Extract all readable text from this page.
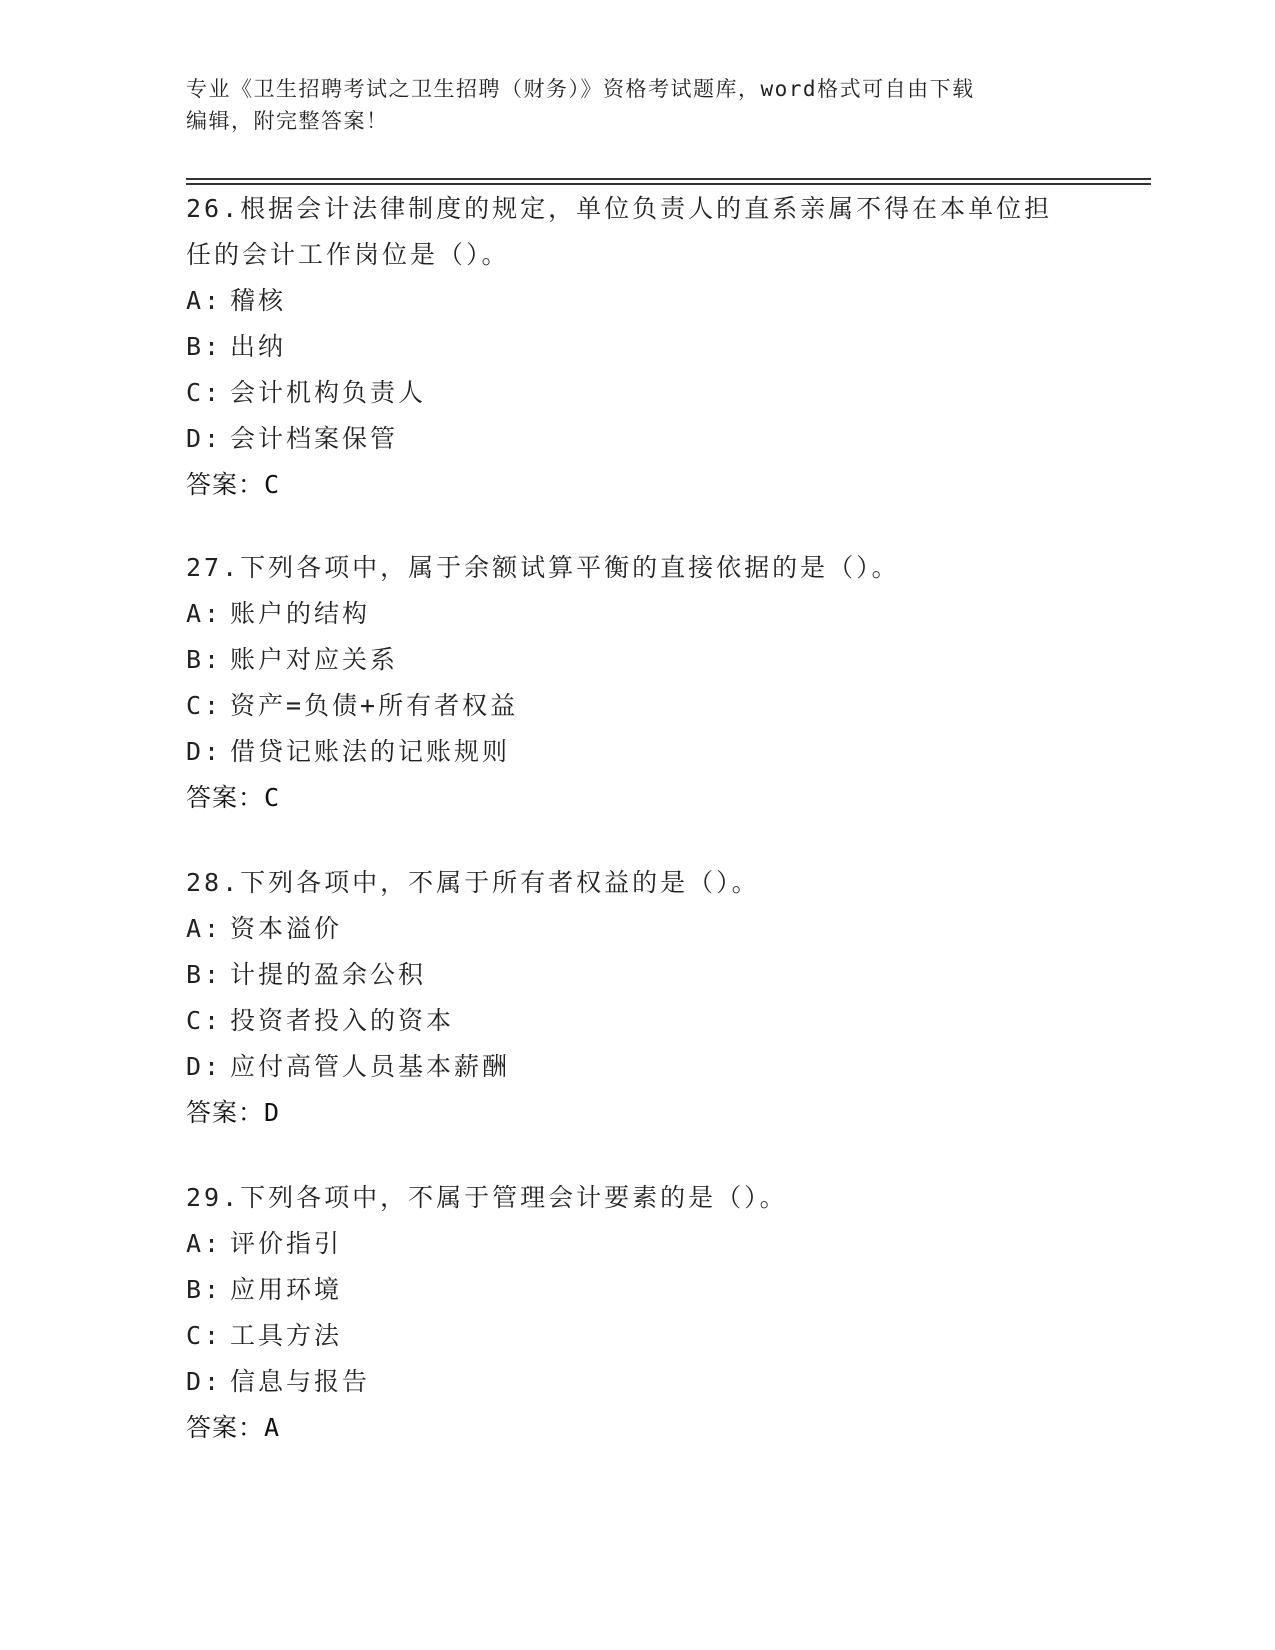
专业《卫生招聘考试之卫生招聘（财务）》资格考试题库，word格式可自由下载
编辑，附完整答案！
26.根据会计法律制度的规定，单位负责人的直系亲属不得在本单位担
任的会计工作岗位是（）。
A: 稽核
B: 出纳
C: 会计机构负责人
D: 会计档案保管
答案：C
27.下列各项中，属于余额试算平衡的直接依据的是（）。
A: 账户的结构
B: 账户对应关系
C: 资产=负债+所有者权益
D: 借贷记账法的记账规则
答案：C
28.下列各项中，不属于所有者权益的是（）。
A: 资本溢价
B: 计提的盈余公积
C: 投资者投入的资本
D: 应付高管人员基本薪酬
答案：D
29.下列各项中，不属于管理会计要素的是（）。
A: 评价指引
B: 应用环境
C: 工具方法
D: 信息与报告
答案：A
